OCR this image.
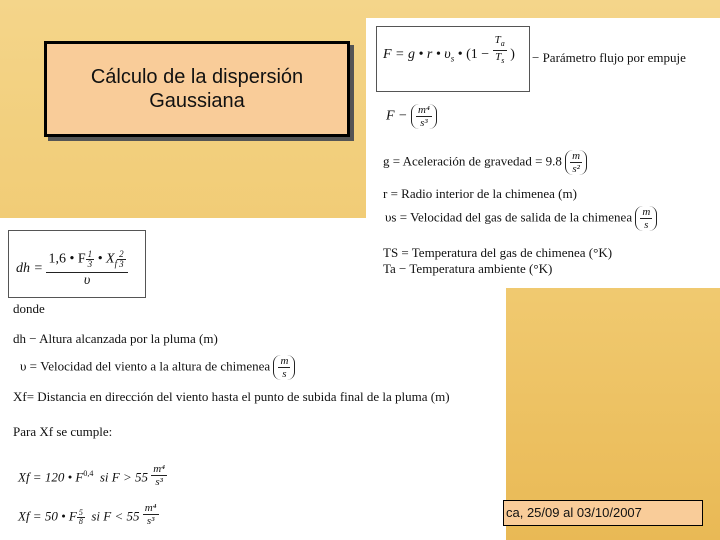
Cálculo de la dispersión
Gaussiana
F = g • r • $\upsilon_s$ • ($1 - \frac{T_a}{T_s}$ ) − Parámetro flujo por empuje
$F - \frac{\text{m⁴}}{\text{s³}}$
g = Aceleración de gravedad = $9.8 \frac{m}{\text{s²}}$
r = Radio interior de la chimenea (m)
υs = Velocidad del gas de salida de la chimenea $\frac{m}{s}$
TS = Temperatura del gas de chimenea (°K)
Ta − Temperatura ambiente (°K)
dh = $\frac{1,6 • F \frac{1}{3} • X_f \frac{2}{3}}{\upsilon}$
donde
dh − Altura alcanzada por la pluma (m)
υ = Velocidad del viento a la altura de chimenea $\frac{m}{s}$
Xf= Distancia en dirección del viento hasta el punto de subida final de la pluma (m)
Para Xf se cumple:
Xf = 120 • F$^{0,4}$ si $F > 55 \frac{\text{m⁴}}{\text{s³}}$
Xf = 50 • F $\frac{5}{8}$ si $F < 55 \frac{\text{m⁴}}{\text{s³}}$	ca, 25/09 al 03/10/2007
